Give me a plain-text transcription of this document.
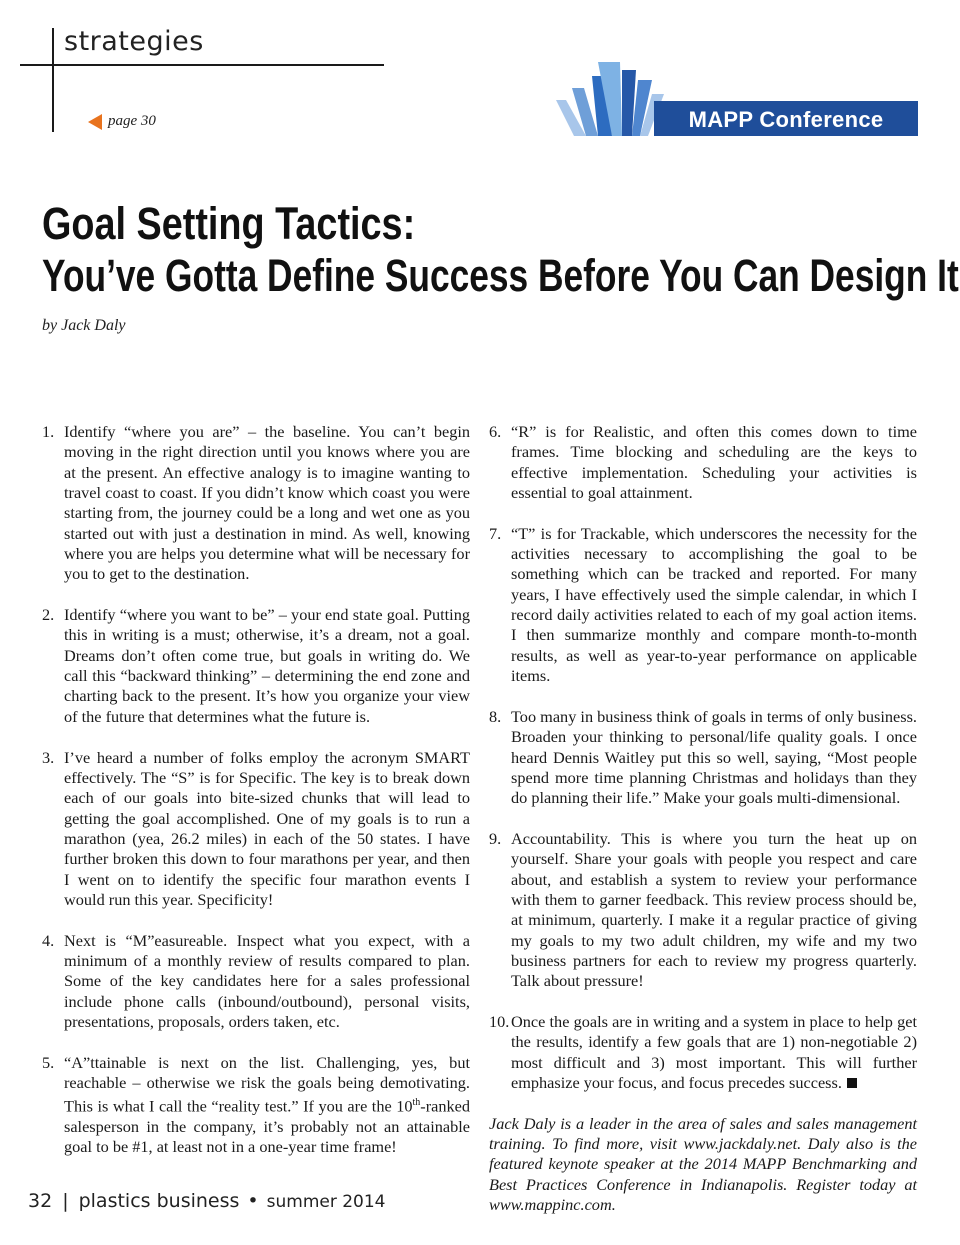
strategies
page 30	MAPP Conference Speaker
Goal Setting Tactics:
You’ve Gotta Define Success Before You Can Design It
by Jack Daly
1. Identify “where you are” – the baseline. You can’t begin moving in the right direction until you knows where you are at the present. An effective analogy is to imagine wanting to travel coast to coast. If you didn’t know which coast you were starting from, the journey could be a long and wet one as you started out with just a destination in mind. As well, knowing where you are helps you determine what will be necessary for you to get to the destination.
2. Identify “where you want to be” – your end state goal. Putting this in writing is a must; otherwise, it’s a dream, not a goal. Dreams don’t often come true, but goals in writing do. We call this “backward thinking” – determining the end zone and charting back to the present. It’s how you organize your view of the future that determines what the future is.
3. I’ve heard a number of folks employ the acronym SMART effectively. The “S” is for Specific. The key is to break down each of our goals into bite-sized chunks that will lead to getting the goal accomplished. One of my goals is to run a marathon (yea, 26.2 miles) in each of the 50 states. I have further broken this down to four marathons per year, and then I went on to identify the specific four marathon events I would run this year. Specificity!
4. Next is “M”easureable. Inspect what you expect, with a minimum of a monthly review of results compared to plan. Some of the key candidates here for a sales professional include phone calls (inbound/outbound), personal visits, presentations, proposals, orders taken, etc.
5. “A”ttainable is next on the list. Challenging, yes, but reachable – otherwise we risk the goals being demotivating. This is what I call the “reality test.” If you are the 10th-ranked salesperson in the company, it’s probably not an attainable goal to be #1, at least not in a one-year time frame!
6. “R” is for Realistic, and often this comes down to time frames. Time blocking and scheduling are the keys to effective implementation. Scheduling your activities is essential to goal attainment.
7. “T” is for Trackable, which underscores the necessity for the activities necessary to accomplishing the goal to be something which can be tracked and reported. For many years, I have effectively used the simple calendar, in which I record daily activities related to each of my goal action items. I then summarize monthly and compare month-to-month results, as well as year-to-year performance on applicable items.
8. Too many in business think of goals in terms of only business. Broaden your thinking to personal/life quality goals. I once heard Dennis Waitley put this so well, saying, “Most people spend more time planning Christmas and holidays than they do planning their life.” Make your goals multi-dimensional.
9. Accountability. This is where you turn the heat up on yourself. Share your goals with people you respect and care about, and establish a system to review your performance with them to garner feedback. This review process should be, at minimum, quarterly. I make it a regular practice of giving my goals to my two adult children, my wife and my two business partners for each to review my progress quarterly. Talk about pressure!
10. Once the goals are in writing and a system in place to help get the results, identify a few goals that are 1) non-negotiable 2) most difficult and 3) most important. This will further emphasize your focus, and focus precedes success.
Jack Daly is a leader in the area of sales and sales management training. To find more, visit www.jackdaly.net. Daly also is the featured keynote speaker at the 2014 MAPP Benchmarking and Best Practices Conference in Indianapolis. Register today at www.mappinc.com.
32 | plastics business • summer 2014
